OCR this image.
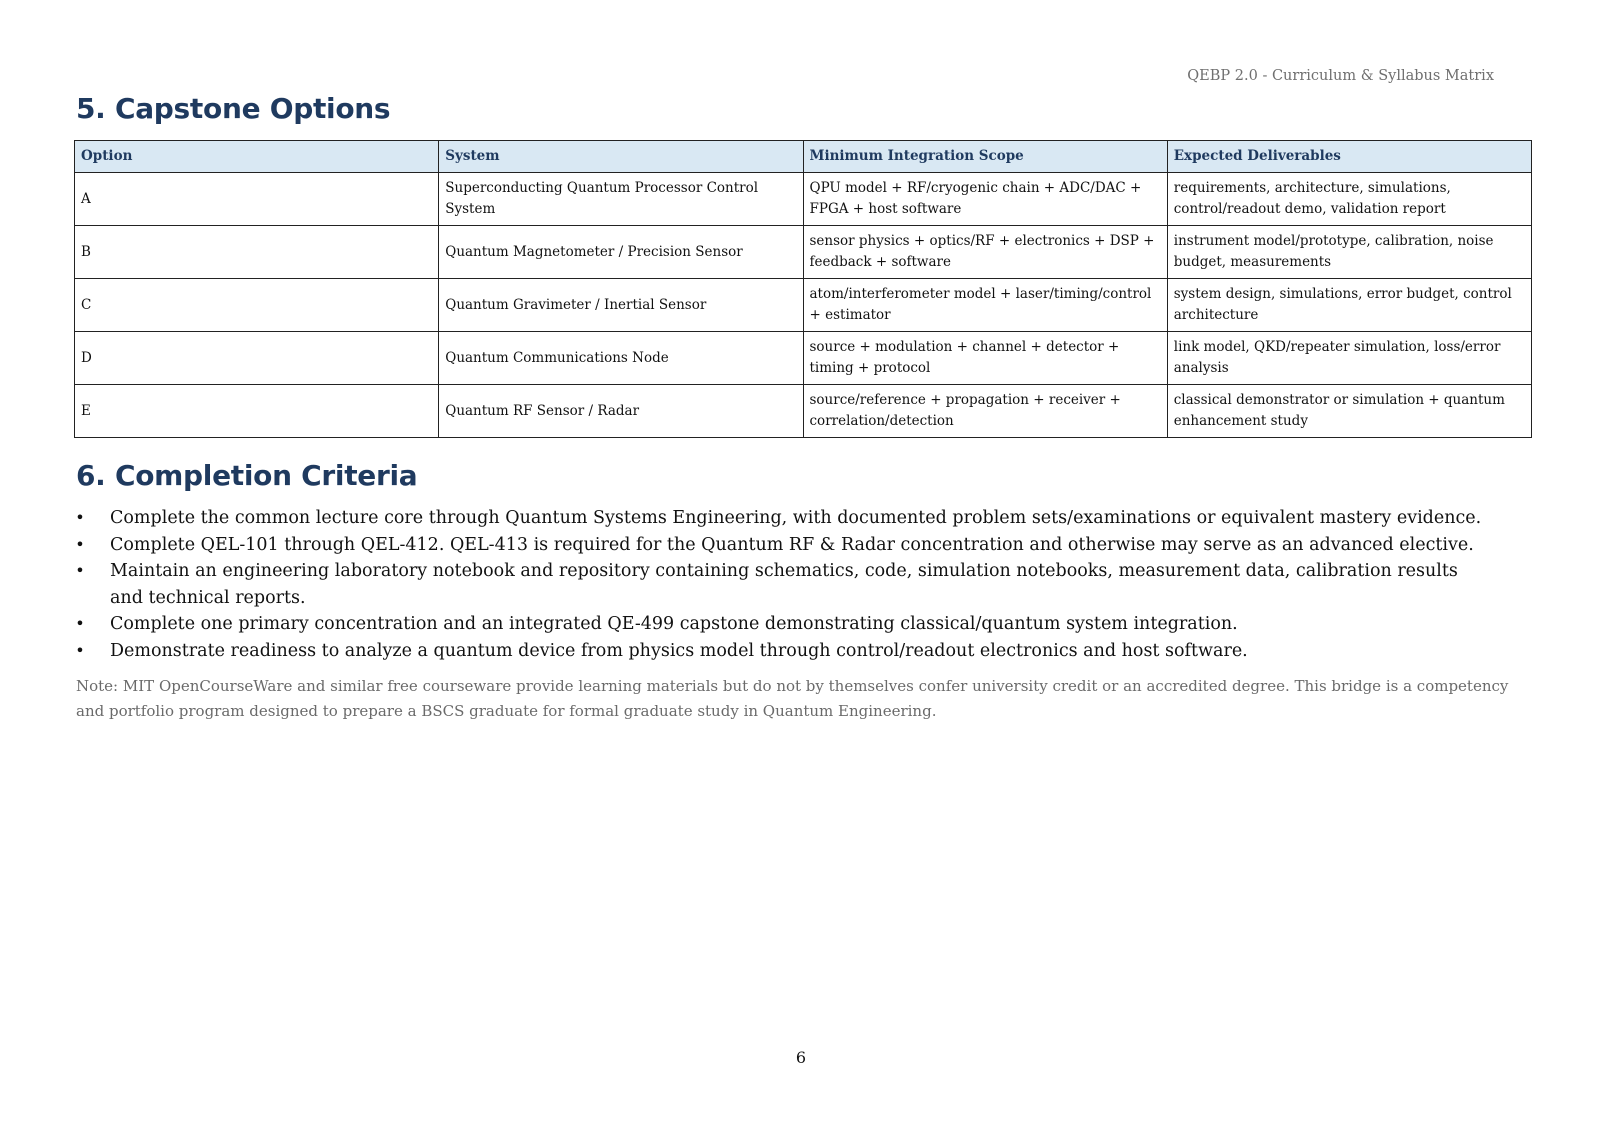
QEBP 2.0 - Curriculum & Syllabus Matrix
5. Capstone Options
Option	System	Minimum Integration Scope	Expected Deliverables
A	Superconducting Quantum Processor Control System	QPU model + RF/cryogenic chain + ADC/DAC + FPGA + host software	requirements, architecture, simulations, control/readout demo, validation report
B	Quantum Magnetometer / Precision Sensor	sensor physics + optics/RF + electronics + DSP + feedback + software	instrument model/prototype, calibration, noise budget, measurements
C	Quantum Gravimeter / Inertial Sensor	atom/interferometer model + laser/timing/control + estimator	system design, simulations, error budget, control architecture
D	Quantum Communications Node	source + modulation + channel + detector + timing + protocol	link model, QKD/repeater simulation, loss/error analysis
E	Quantum RF Sensor / Radar	source/reference + propagation + receiver + correlation/detection	classical demonstrator or simulation + quantum enhancement study
6. Completion Criteria
• Complete the common lecture core through Quantum Systems Engineering, with documented problem sets/examinations or equivalent mastery evidence.
• Complete QEL-101 through QEL-412. QEL-413 is required for the Quantum RF & Radar concentration and otherwise may serve as an advanced elective.
• Maintain an engineering laboratory notebook and repository containing schematics, code, simulation notebooks, measurement data, calibration results and technical reports.
• Complete one primary concentration and an integrated QE-499 capstone demonstrating classical/quantum system integration.
• Demonstrate readiness to analyze a quantum device from physics model through control/readout electronics and host software.

Note: MIT OpenCourseWare and similar free courseware provide learning materials but do not by themselves confer university credit or an accredited degree. This bridge is a competency and portfolio program designed to prepare a BSCS graduate for formal graduate study in Quantum Engineering.

6
